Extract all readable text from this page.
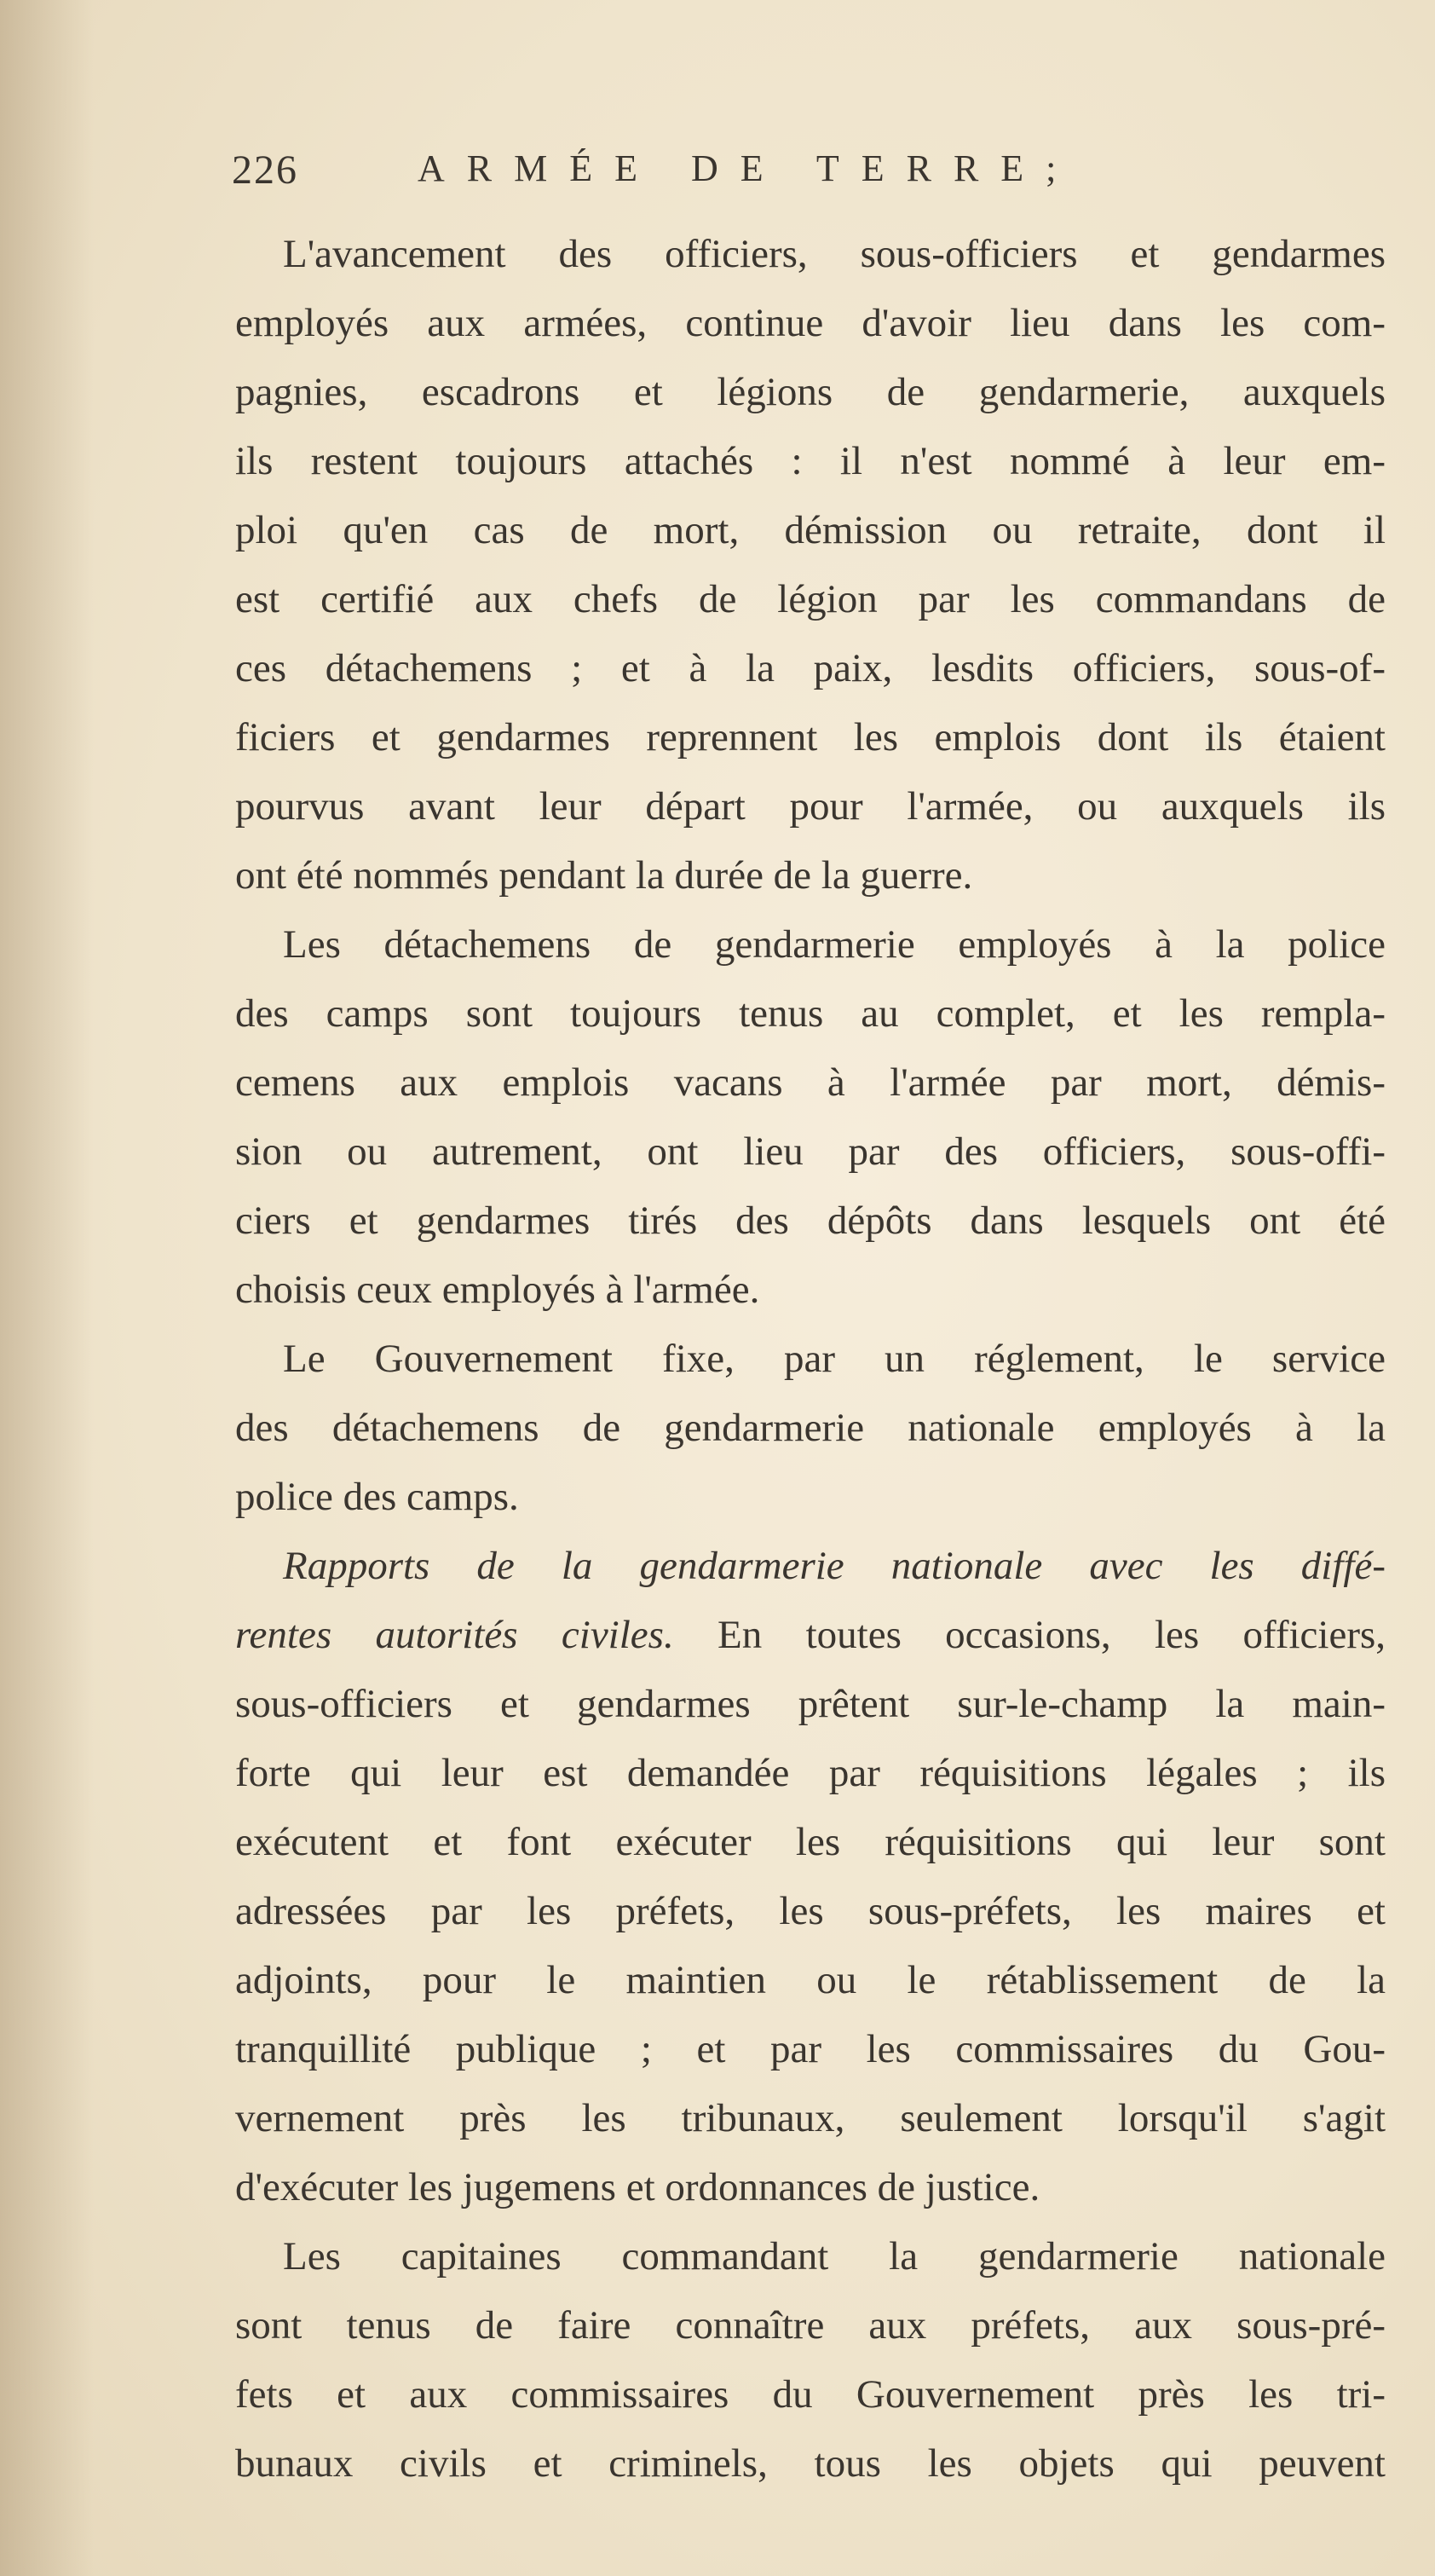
226	ARMÉE DE TERRE;
L'avancement des officiers, sous-officiers et gendarmes
employés aux armées, continue d'avoir lieu dans les com-
pagnies, escadrons et légions de gendarmerie, auxquels
ils restent toujours attachés : il n'est nommé à leur em-
ploi qu'en cas de mort, démission ou retraite, dont il
est certifié aux chefs de légion par les commandans de
ces détachemens ; et à la paix, lesdits officiers, sous-of-
ficiers et gendarmes reprennent les emplois dont ils étaient
pourvus avant leur départ pour l'armée, ou auxquels ils
ont été nommés pendant la durée de la guerre.
Les détachemens de gendarmerie employés à la police
des camps sont toujours tenus au complet, et les rempla-
cemens aux emplois vacans à l'armée par mort, démis-
sion ou autrement, ont lieu par des officiers, sous-offi-
ciers et gendarmes tirés des dépôts dans lesquels ont été
choisis ceux employés à l'armée.
Le Gouvernement fixe, par un réglement, le service
des détachemens de gendarmerie nationale employés à la
police des camps.
Rapports de la gendarmerie nationale avec les diffé-
rentes autorités civiles. En toutes occasions, les officiers,
sous-officiers et gendarmes prêtent sur-le-champ la main-
forte qui leur est demandée par réquisitions légales ; ils
exécutent et font exécuter les réquisitions qui leur sont
adressées par les préfets, les sous-préfets, les maires et
adjoints, pour le maintien ou le rétablissement de la
tranquillité publique ; et par les commissaires du Gou-
vernement près les tribunaux, seulement lorsqu'il s'agit
d'exécuter les jugemens et ordonnances de justice.
Les capitaines commandant la gendarmerie nationale
sont tenus de faire connaître aux préfets, aux sous-pré-
fets et aux commissaires du Gouvernement près les tri-
bunaux civils et criminels, tous les objets qui peuvent
